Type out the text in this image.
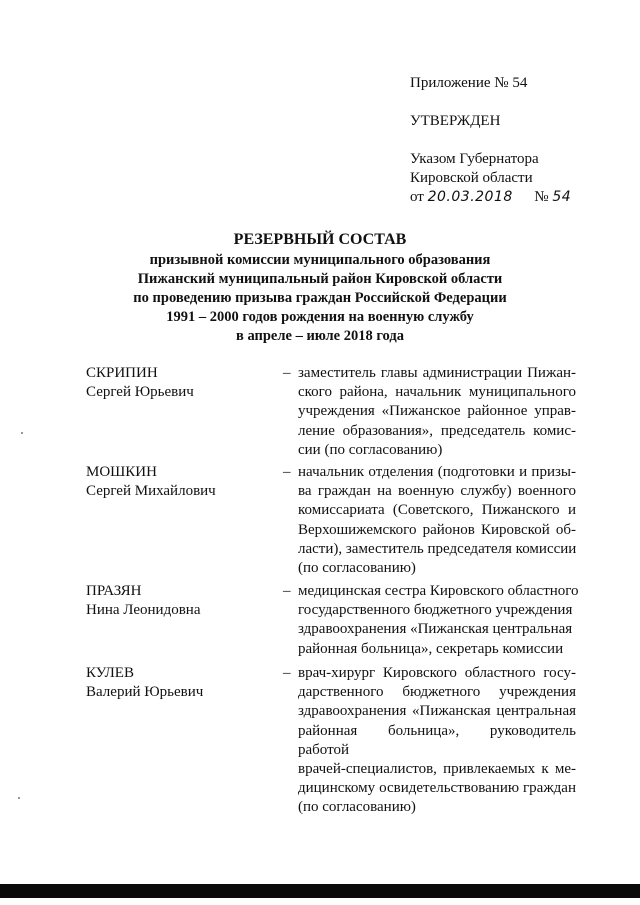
Приложение № 54
УТВЕРЖДЕН
Указом Губернатора
Кировской области
от 20.03.2018 № 54
РЕЗЕРВНЫЙ СОСТАВ
призывной комиссии муниципального образования
Пижанский муниципальный район Кировской области
по проведению призыва граждан Российской Федерации
1991 – 2000 годов рождения на военную службу
в апреле – июле 2018 года
СКРИПИН
Сергей Юрьевич
– заместитель главы администрации Пижан-
ского района, начальник муниципального
учреждения «Пижанское районное управ-
ление образования», председатель комис-
сии (по согласованию)
МОШКИН
Сергей Михайлович
– начальник отделения (подготовки и призы-
ва граждан на военную службу) военного
комиссариата (Советского, Пижанского и
Верхошижемского районов Кировской об-
ласти), заместитель председателя комиссии
(по согласованию)
ПРАЗЯН
Нина Леонидовна
– медицинская сестра Кировского областного
государственного бюджетного учреждения
здравоохранения «Пижанская центральная
районная больница», секретарь комиссии
КУЛЕВ
Валерий Юрьевич
– врач-хирург Кировского областного госу-
дарственного бюджетного учреждения
здравоохранения «Пижанская центральная
районная больница», руководитель работой
врачей-специалистов, привлекаемых к ме-
дицинскому освидетельствованию граждан
(по согласованию)
